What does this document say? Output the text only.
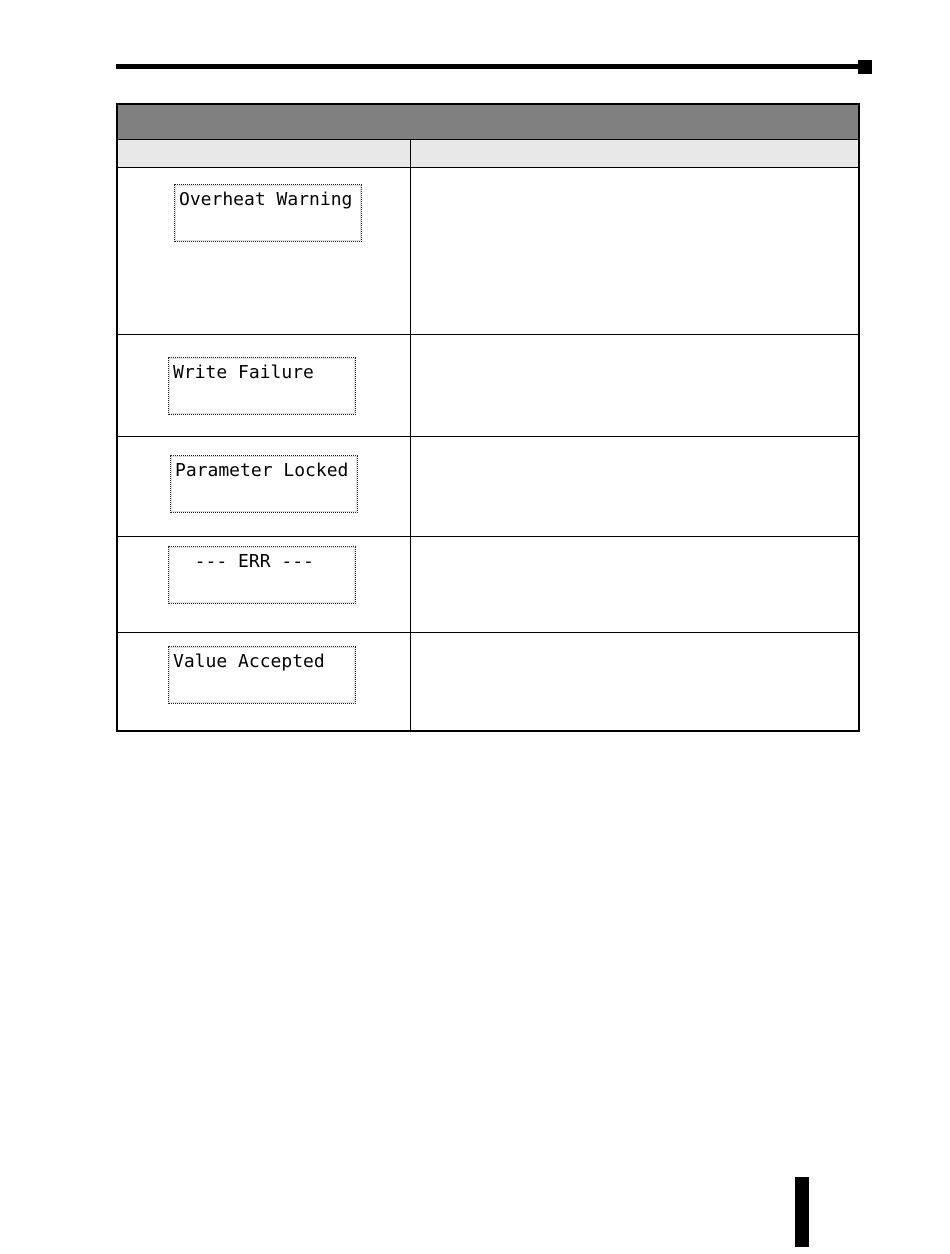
Overheat Warning
Write Failure
Parameter Locked
--- ERR ---
Value Accepted
